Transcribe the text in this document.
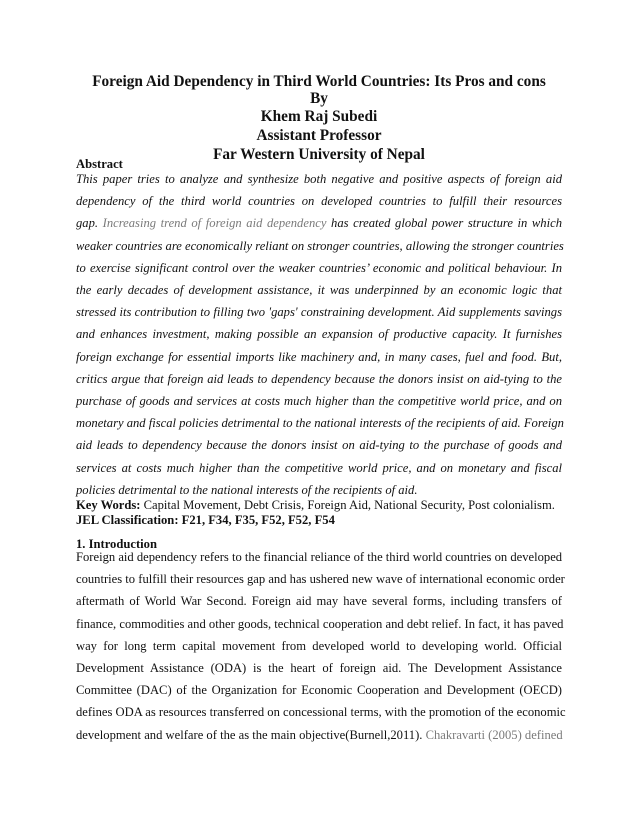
Foreign Aid Dependency in Third World Countries: Its Pros and cons
By
Khem Raj Subedi
Assistant Professor
Far Western University of Nepal
Abstract
This paper tries to analyze and synthesize both negative and positive aspects of foreign aid
dependency of the third world countries on developed countries to fulfill their resources
gap. Increasing trend of foreign aid dependency has created global power structure in which
weaker countries are economically reliant on stronger countries, allowing the stronger countries
to exercise significant control over the weaker countries’ economic and political behaviour. In
the early decades of development assistance, it was underpinned by an economic logic that
stressed its contribution to filling two 'gaps' constraining development. Aid supplements savings
and enhances investment, making possible an expansion of productive capacity. It furnishes
foreign exchange for essential imports like machinery and, in many cases, fuel and food. But,
critics argue that foreign aid leads to dependency because the donors insist on aid-tying to the
purchase of goods and services at costs much higher than the competitive world price, and on
monetary and fiscal policies detrimental to the national interests of the recipients of aid. Foreign
aid leads to dependency because the donors insist on aid-tying to the purchase of goods and
services at costs much higher than the competitive world price, and on monetary and fiscal
policies detrimental to the national interests of the recipients of aid.
Key Words: Capital Movement, Debt Crisis, Foreign Aid, National Security, Post colonialism.
JEL Classification: F21, F34, F35, F52, F52, F54
1. Introduction
Foreign aid dependency refers to the financial reliance of the third world countries on developed
countries to fulfill their resources gap and has ushered new wave of international economic order
aftermath of World War Second. Foreign aid may have several forms, including transfers of
finance, commodities and other goods, technical cooperation and debt relief. In fact, it has paved
way for long term capital movement from developed world to developing world. Official
Development Assistance (ODA) is the heart of foreign aid. The Development Assistance
Committee (DAC) of the Organization for Economic Cooperation and Development (OECD)
defines ODA as resources transferred on concessional terms, with the promotion of the economic
development and welfare of the as the main objective(Burnell,2011). Chakravarti (2005) defined
